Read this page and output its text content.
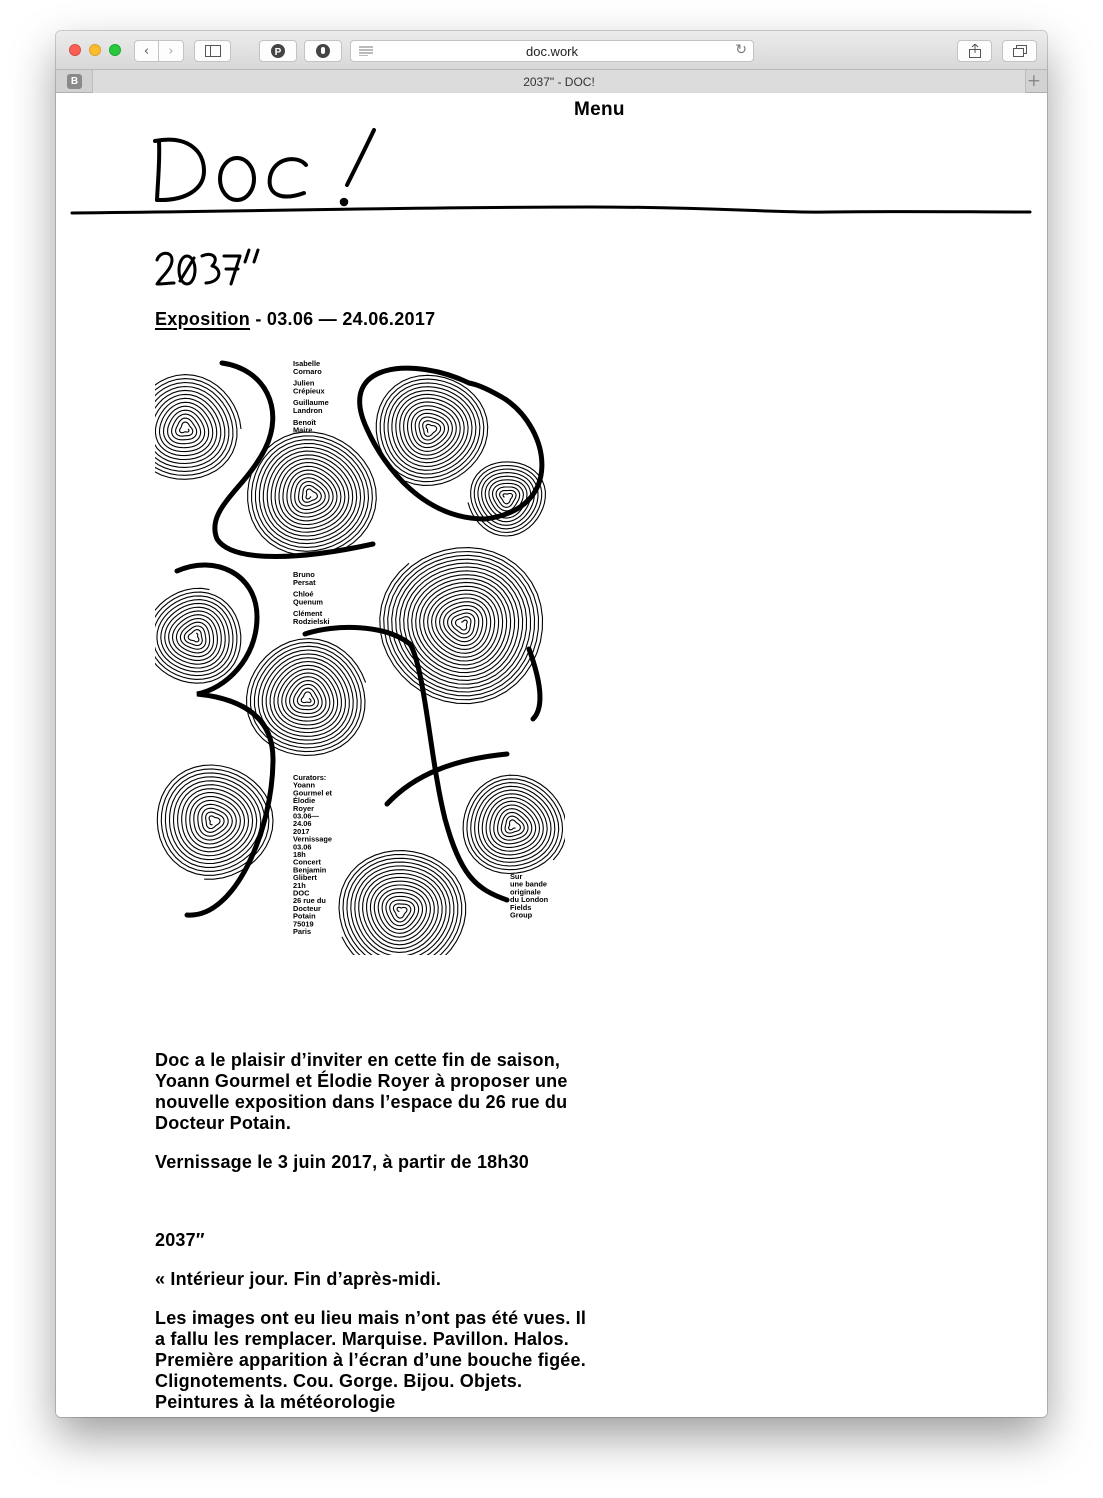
‹ ›	P	doc.work	↻
B	2037" - DOC!	+
Menu
Exposition - 03.06 — 24.06.2017
Isabelle Cornaro Julien Crépieux Guillaume Landron Benoît Maire
Bruno Persat Chloé Quenum Clément Rodzielski
Curators: Yoann Gourmel et Élodie Royer 03.06— 24.06 2017 Vernissage 03.06 18h Concert Benjamin Glibert 21h DOC 26 rue du Docteur Potain 75019 Paris
Sur une bande originale du London Fields Group

Doc a le plaisir d’inviter en cette fin de saison, Yoann Gourmel et Élodie Royer à proposer une nouvelle exposition dans l’espace du 26 rue du Docteur Potain.

Vernissage le 3 juin 2017, à partir de 18h30

2037″

« Intérieur jour. Fin d’après-midi.

Les images ont eu lieu mais n’ont pas été vues. Il a fallu les remplacer. Marquise. Pavillon. Halos. Première apparition à l’écran d’une bouche figée. Clignotements. Cou. Gorge. Bijou. Objets. Peintures à la météorologie
